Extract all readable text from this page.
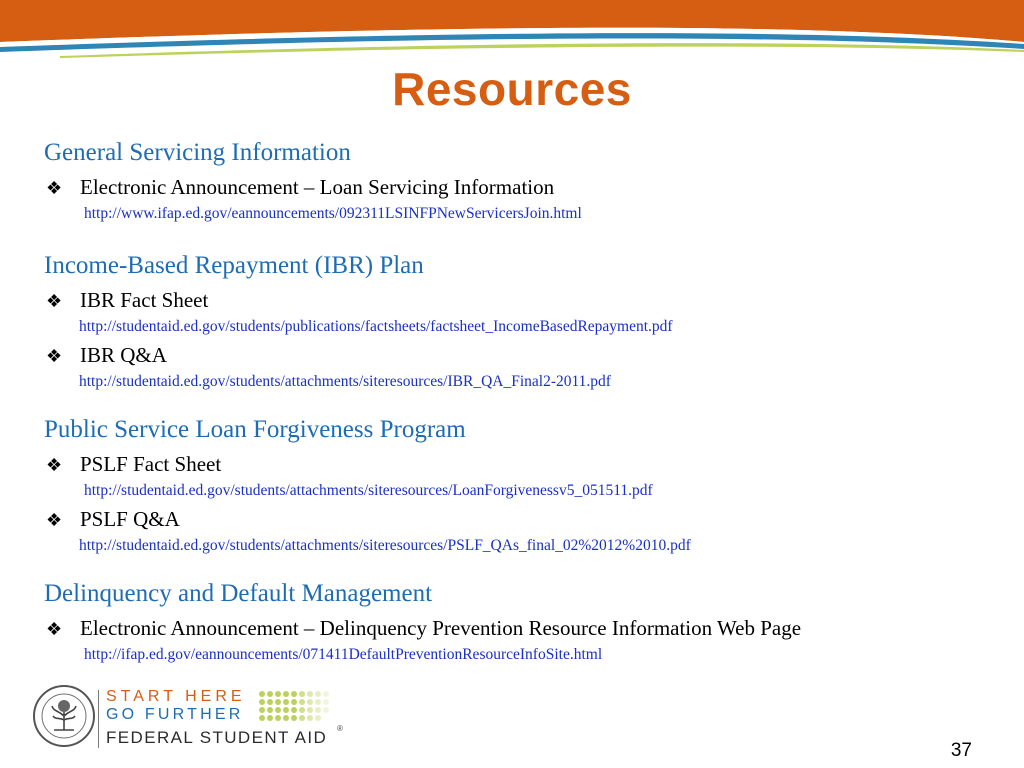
Resources
General Servicing Information
❖ Electronic Announcement – Loan Servicing Information
http://www.ifap.ed.gov/eannouncements/092311LSINFPNewServicersJoin.html
Income-Based Repayment (IBR) Plan
❖ IBR Fact Sheet
http://studentaid.ed.gov/students/publications/factsheets/factsheet_IncomeBasedRepayment.pdf
❖ IBR Q&A
http://studentaid.ed.gov/students/attachments/siteresources/IBR_QA_Final2-2011.pdf
Public Service Loan Forgiveness Program
❖ PSLF Fact Sheet
http://studentaid.ed.gov/students/attachments/siteresources/LoanForgivenessv5_051511.pdf
❖ PSLF Q&A
http://studentaid.ed.gov/students/attachments/siteresources/PSLF_QAs_final_02%2012%2010.pdf
Delinquency and Default Management
❖ Electronic Announcement – Delinquency Prevention Resource Information Web Page
http://ifap.ed.gov/eannouncements/071411DefaultPreventionResourceInfoSite.html
START HERE
GO FURTHER
FEDERAL STUDENT AID ®
37
